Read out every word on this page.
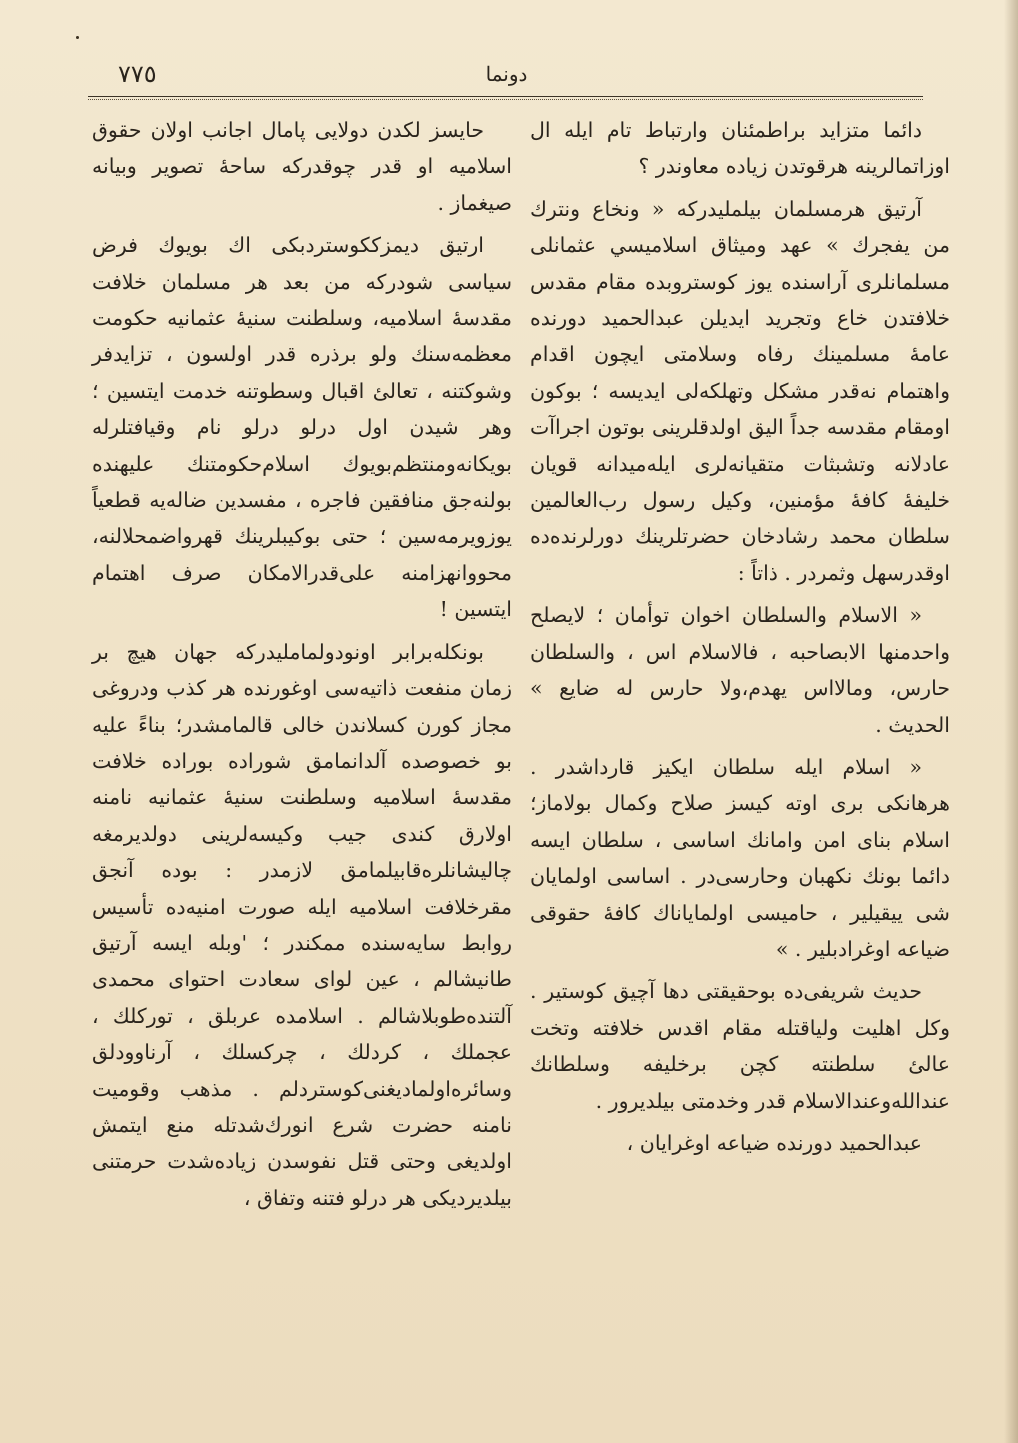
٧٧٥	دونما

دائما متزايد براطمئنان وارتباط تام ايله ال اوزاتمالرينه هرقوتدن زياده معاوندر ؟

آرتيق هرمسلمان بيلمليدركه « ونخاع ونترك من يفجرك » عهد وميثاق اسلاميسي عثمانلى مسلمانلرى آراسنده يوز كوستروبده مقام مقدس خلافتدن خاع وتجريد ايديلن عبدالحميد دورنده عامهٔ مسلمينك رفاه وسلامتى ايچون اقدام واهتمام نه‌قدر مشكل وتهلكه‌لى ايديسه ؛ بوكون اومقام مقدسه جداً اليق اولدقلرينى بوتون اجراآت عادلانه وتشبثات متقيانه‌لرى ايله‌ميدانه قويان خليفهٔ كافهٔ مؤمنين، وكيل رسول رب‌العالمين سلطان محمد رشادخان حضرتلرينك دورلرنده‌ده اوقدرسهل وثمردر . ذاتاً :

« الاسلام والسلطان اخوان توأمان ؛ لايصلح واحدمنها الابصاحبه ، فالاسلام اس ، والسلطان حارس، ومالااس يهدم،ولا حارس له ضايع » الحديث .

« اسلام ايله سلطان ايكيز قارداشدر . هرهانكى برى اوته كيسز صلاح وكمال بولاماز؛ اسلام بناى امن وامانك اساسى ، سلطان ايسه دائما بونك نكهبان وحارسى‌در . اساسى اولمايان شى ييقيلير ، حاميسى اولماياناك كافهٔ حقوقى ضياعه اوغرادبلير . »

حديث شريفى‌ده بوحقيقتى دها آچيق كوستير . وكل اهليت ولياقتله مقام اقدس خلافته وتخت عالئ سلطنته كچن برخليفه وسلطانك عندالله‌وعندالاسلام قدر وخدمتى بيلديرور .

عبدالحميد دورنده ضياعه اوغرايان ،

حايسز لكدن دولايى پامال اجانب اولان حقوق اسلاميه او قدر چوقدركه ساحهٔ تصوير وبيانه صيغماز .

ارتيق ديمزككوستردبكى اك بويوك فرض سياسى شودركه من بعد هر مسلمان خلافت مقدسهٔ اسلاميه، وسلطنت سنيهٔ عثمانيه حكومت معظمه‌سنك ولو برذره قدر اولسون ، تزايدفر وشوكتنه ، تعالئ اقبال وسطوتنه خدمت ايتسين ؛ وهر شيدن اول درلو درلو نام وقيافتلرله بويكانه‌ومنتظم‌بويوك اسلام‌حكومتنك عليهنده بولنه‌جق منافقين فاجره ، مفسدين ضاله‌يه قطعياً يوزويرمه‌سين ؛ حتى بوكيبلرينك قهرواضمحلالنه، محووانهزامنه على‌قدرالامكان صرف اهتمام ايتسين !

بونكله‌برابر اونودولمامليدركه جهان هيچ بر زمان منفعت ذاتيه‌سى اوغورنده هر كذب ودروغى مجاز كورن كسلاندن خالى قالمامشدر؛ بناءً عليه بو خصوصده آلدانمامق شوراده بوراده خلافت مقدسهٔ اسلاميه وسلطنت سنيهٔ عثمانيه نامنه اولارق كندى جيب وكيسه‌لرينى دولديرمغه چاليشانلره‌قابيلمامق لازمدر : بوده آنجق مقرخلافت اسلاميه ايله صورت امنيه‌ده تأسيس روابط سايه‌سنده ممكندر ؛ 'وبله ايسه آرتيق طانيشالم ، عين لواى سعادت احتواى محمدى آلتنده‌طوبلاشالم . اسلامده عربلق ، توركلك ، عجملك ، كردلك ، چركسلك ، آرناوودلق وسائره‌اولماديغنى‌كوستردلم . مذهب وقوميت نامنه حضرت شرع انورك‌شدتله منع ايتمش اولديغى وحتى قتل نفوسدن زياده‌شدت حرمتنى بيلديرديكى هر درلو فتنه وتفاق ،
